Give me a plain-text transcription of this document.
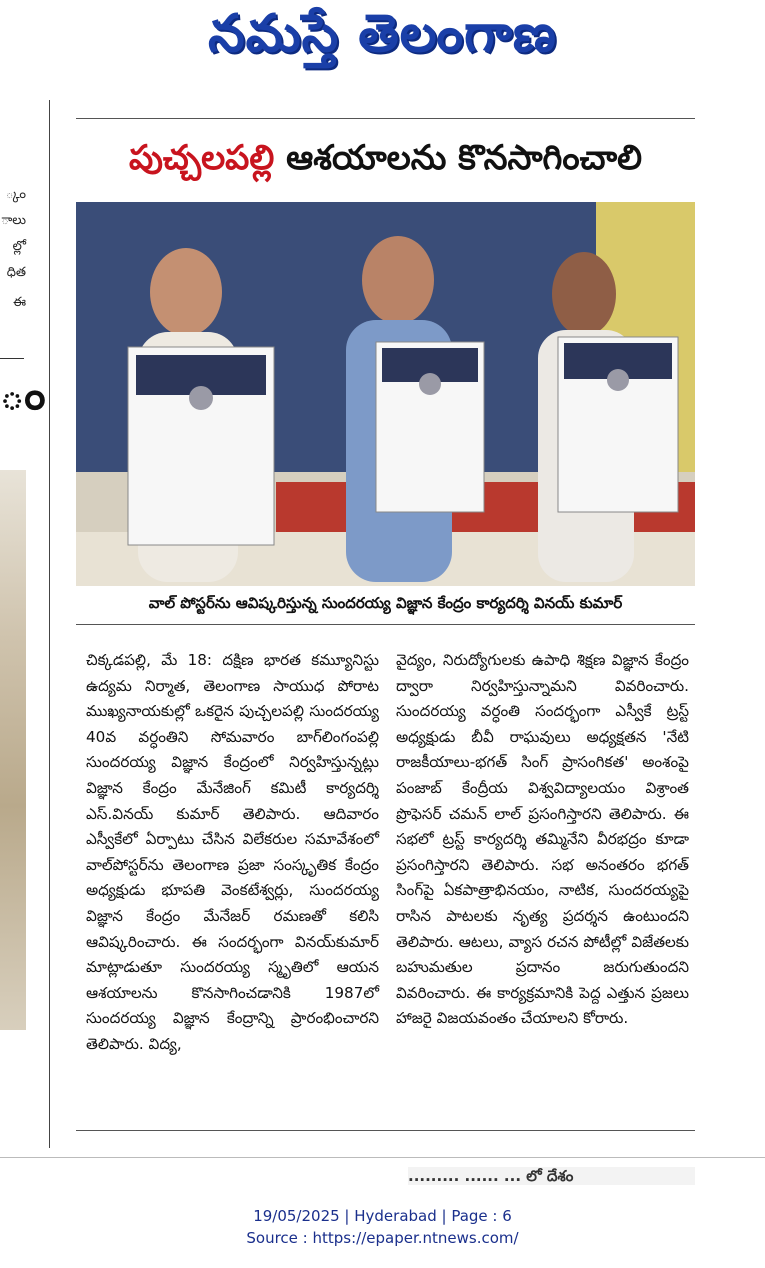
నమస్తే తెలంగాణ
్కం
ాలు
ల్లో
ధిత
ఈ
ం
పుచ్చలపల్లి ఆశయాలను కొనసాగించాలి
వాల్ పోస్టర్‌ను ఆవిష్కరిస్తున్న సుందరయ్య విజ్ఞాన కేంద్రం కార్యదర్శి వినయ్ కుమార్
చిక్కడపల్లి, మే 18: దక్షిణ భారత కమ్యూనిస్టు ఉద్యమ నిర్మాత, తెలంగాణ సాయుధ పోరాట ముఖ్యనాయకుల్లో ఒకరైన పుచ్చలపల్లి సుందరయ్య 40వ వర్ధంతిని సోమవారం బాగ్‌లింగంపల్లి సుందరయ్య విజ్ఞాన కేంద్రంలో నిర్వహిస్తున్నట్లు విజ్ఞాన కేంద్రం మేనేజింగ్ కమిటీ కార్యదర్శి ఎస్.వినయ్ కుమార్ తెలిపారు. ఆదివారం ఎస్వీకేలో ఏర్పాటు చేసిన విలేకరుల సమావేశంలో వాల్‌పోస్టర్‌ను తెలంగాణ ప్రజా సంస్కృతిక కేంద్రం అధ్యక్షుడు భూపతి వెంకటేశ్వర్లు, సుందరయ్య విజ్ఞాన కేంద్రం మేనేజర్ రమణతో కలిసి ఆవిష్కరించారు. ఈ సందర్భంగా వినయ్‌కుమార్ మాట్లాడుతూ సుందరయ్య స్మృతిలో ఆయన ఆశయాలను కొనసాగించడానికి 1987లో సుందరయ్య విజ్ఞాన కేంద్రాన్ని ప్రారంభించారని తెలిపారు. విద్య,
వైద్యం, నిరుద్యోగులకు ఉపాధి శిక్షణ విజ్ఞాన కేంద్రం ద్వారా నిర్వహిస్తున్నామని వివరించారు. సుందరయ్య వర్ధంతి సందర్భంగా ఎస్వీకే ట్రస్ట్ అధ్యక్షుడు బీవీ రాఘవులు అధ్యక్షతన 'నేటి రాజకీయాలు-భగత్ సింగ్ ప్రాసంగికత' అంశంపై పంజాబ్ కేంద్రీయ విశ్వవిద్యాలయం విశ్రాంత ప్రొఫెసర్ చమన్ లాల్ ప్రసంగిస్తారని తెలిపారు. ఈ సభలో ట్రస్ట్ కార్యదర్శి తమ్మినేని వీరభద్రం కూడా ప్రసంగిస్తారని తెలిపారు. సభ అనంతరం భగత్ సింగ్‌పై ఏకపాత్రాభినయం, నాటిక, సుందరయ్యపై రాసిన పాటలకు నృత్య ప్రదర్శన ఉంటుందని తెలిపారు. ఆటలు, వ్యాస రచన పోటీల్లో విజేతలకు బహుమతుల ప్రదానం జరుగుతుందని వివరించారు. ఈ కార్యక్రమానికి పెద్ద ఎత్తున ప్రజలు హాజరై విజయవంతం చేయాలని కోరారు.
......... ...... ... లో దేశం
19/05/2025 | Hyderabad | Page : 6
Source : https://epaper.ntnews.com/
